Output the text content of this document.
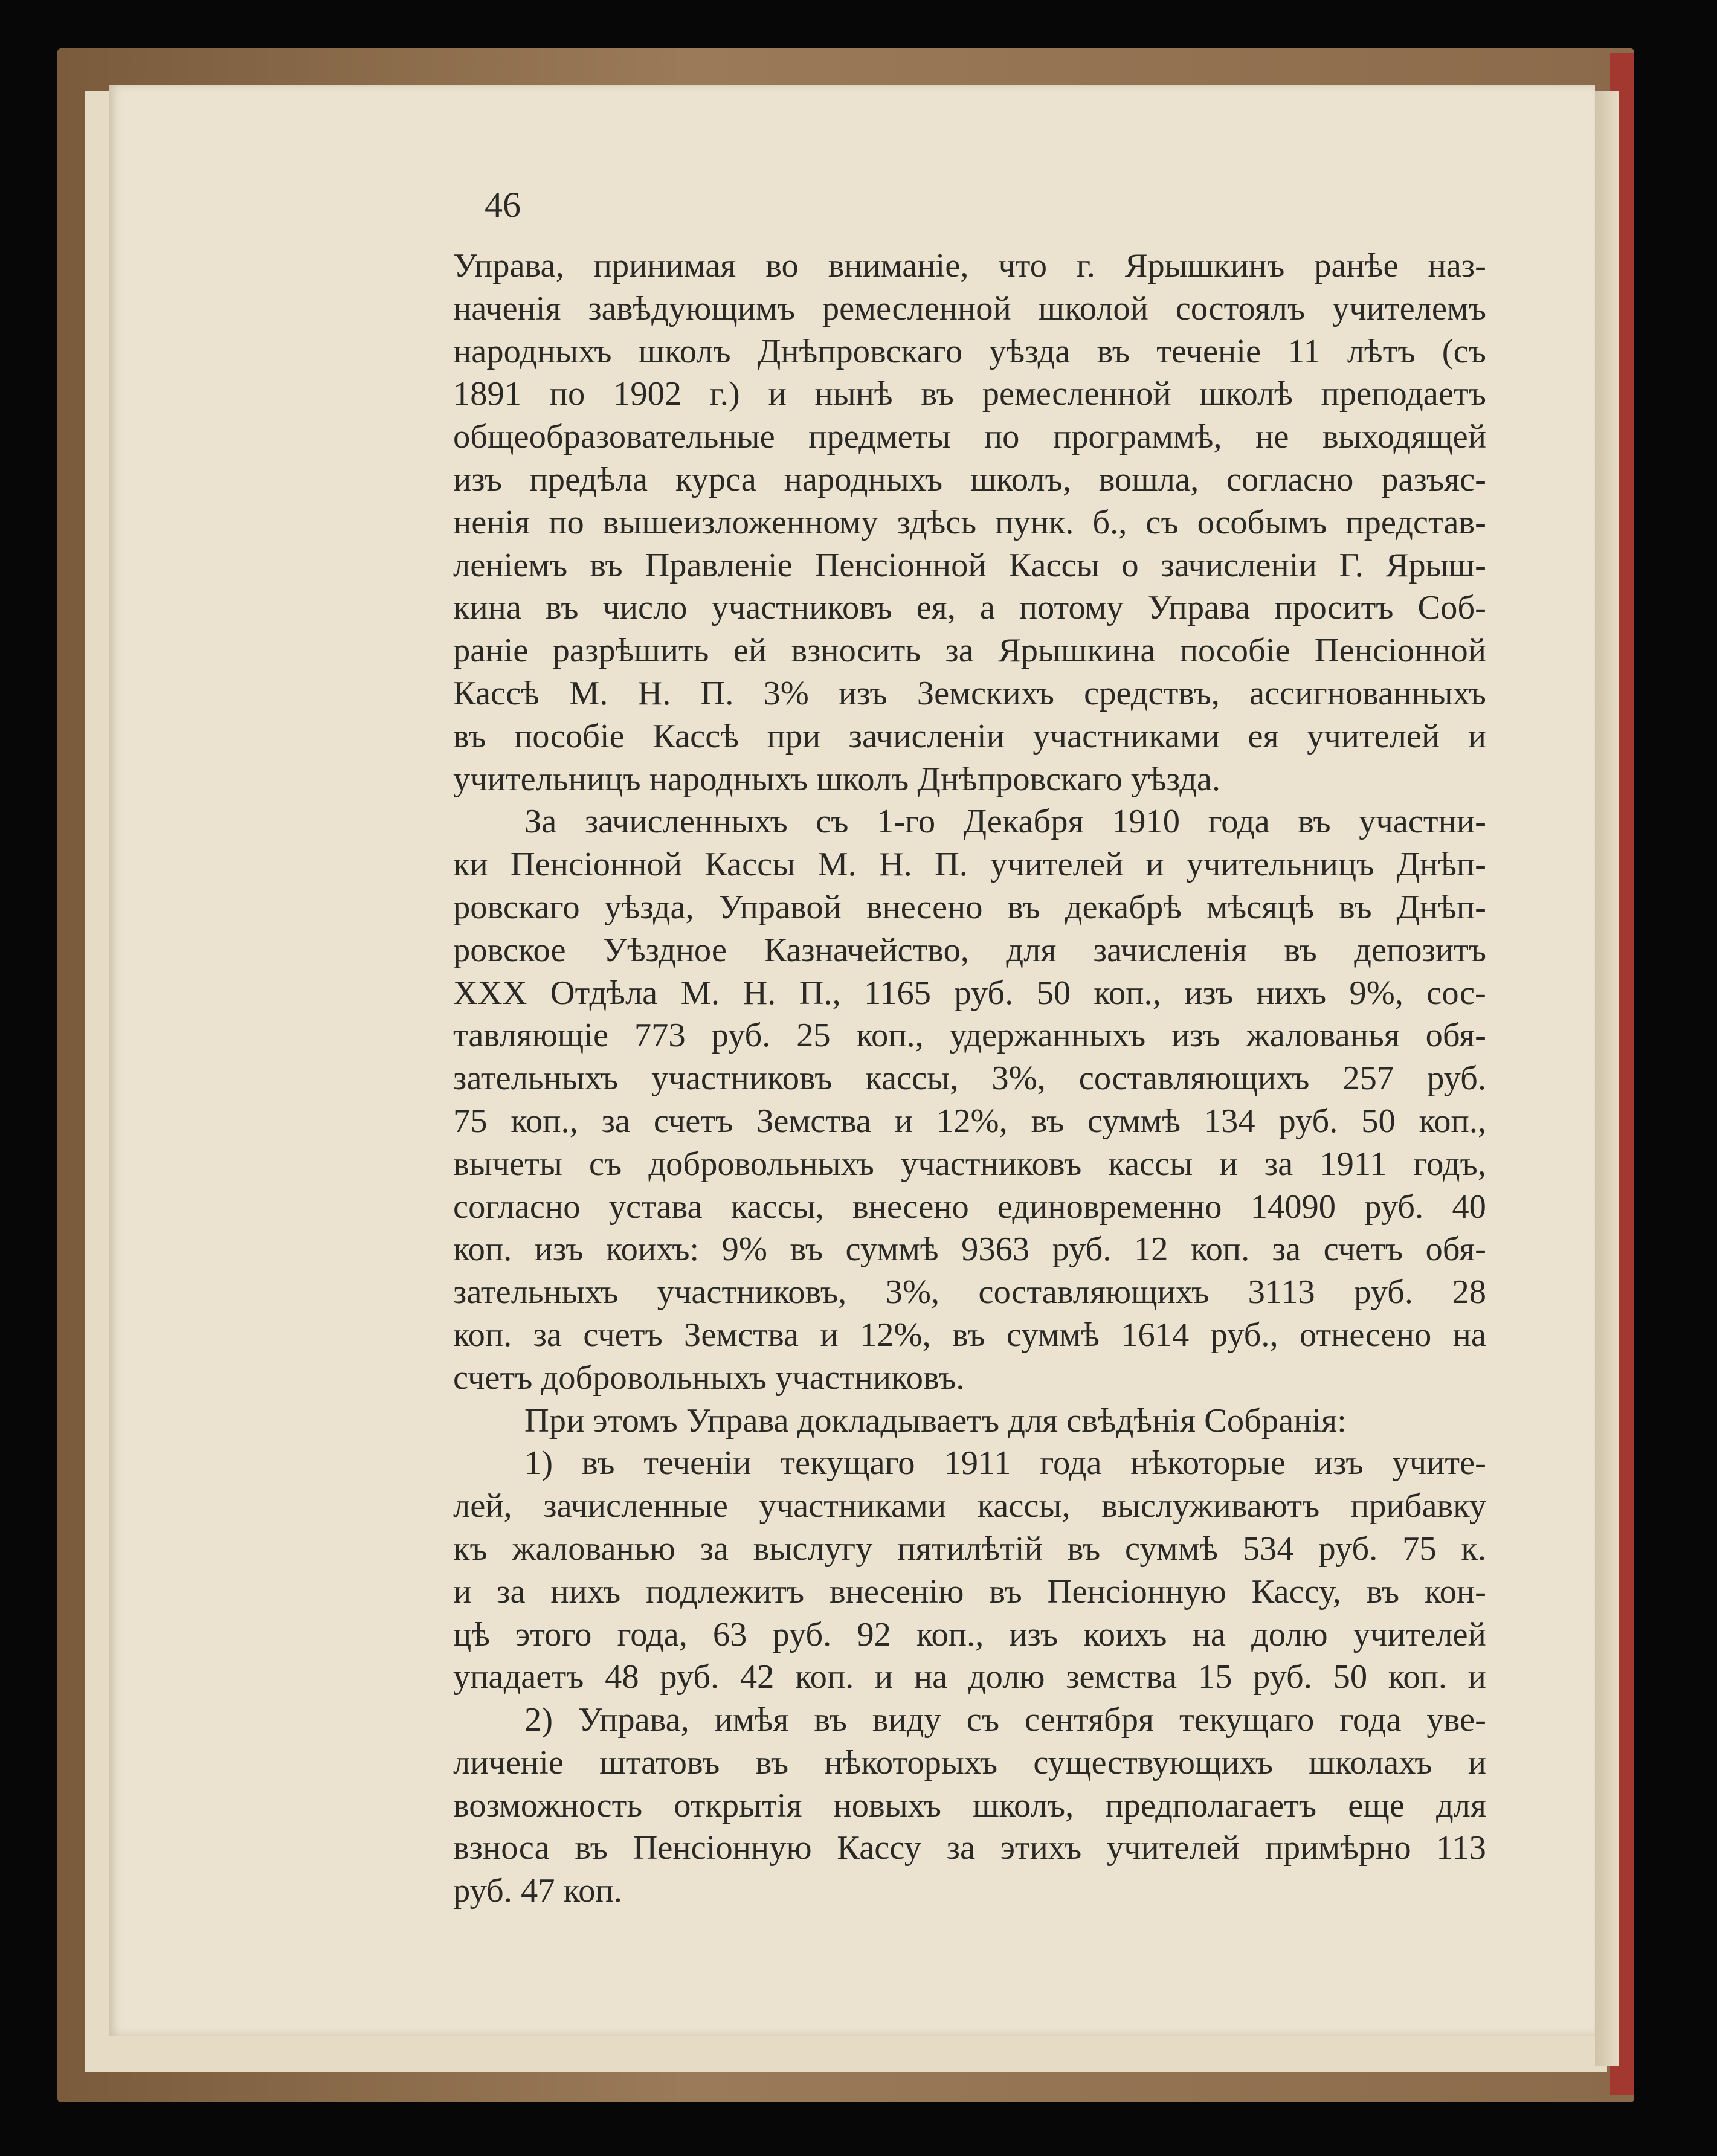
46
Управа, принимая во вниманіе, что г. Ярышкинъ ранѣе наз-
наченія завѣдующимъ ремесленной школой состоялъ учителемъ
народныхъ школъ Днѣпровскаго уѣзда въ теченіе 11 лѣтъ (съ
1891 по 1902 г.) и нынѣ въ ремесленной школѣ преподаетъ
общеобразовательные предметы по программѣ, не выходящей
изъ предѣла курса народныхъ школъ, вошла, согласно разъяс-
ненія по вышеизложенному здѣсь пунк. б., съ особымъ представ-
леніемъ въ Правленіе Пенсіонной Кассы о зачисленіи Г. Ярыш-
кина въ число участниковъ ея, а потому Управа проситъ Соб-
раніе разрѣшить ей взносить за Ярышкина пособіе Пенсіонной
Кассѣ М. Н. П. 3% изъ Земскихъ средствъ, ассигнованныхъ
въ пособіе Кассѣ при зачисленіи участниками ея учителей и
учительницъ народныхъ школъ Днѣпровскаго уѣзда.
За зачисленныхъ съ 1-го Декабря 1910 года въ участни-
ки Пенсіонной Кассы М. Н. П. учителей и учительницъ Днѣп-
ровскаго уѣзда, Управой внесено въ декабрѣ мѣсяцѣ въ Днѣп-
ровское Уѣздное Казначейство, для зачисленія въ депозитъ
XXX Отдѣла М. Н. П., 1165 руб. 50 коп., изъ нихъ 9%, сос-
тавляющіе 773 руб. 25 коп., удержанныхъ изъ жалованья обя-
зательныхъ участниковъ кассы, 3%, составляющихъ 257 руб.
75 коп., за счетъ Земства и 12%, въ суммѣ 134 руб. 50 коп.,
вычеты съ добровольныхъ участниковъ кассы и за 1911 годъ,
согласно устава кассы, внесено единовременно 14090 руб. 40
коп. изъ коихъ: 9% въ суммѣ 9363 руб. 12 коп. за счетъ обя-
зательныхъ участниковъ, 3%, составляющихъ 3113 руб. 28
коп. за счетъ Земства и 12%, въ суммѣ 1614 руб., отнесено на
счетъ добровольныхъ участниковъ.
При этомъ Управа докладываетъ для свѣдѣнія Собранія:
1) въ теченіи текущаго 1911 года нѣкоторые изъ учите-
лей, зачисленные участниками кассы, выслуживаютъ прибавку
къ жалованью за выслугу пятилѣтій въ суммѣ 534 руб. 75 к.
и за нихъ подлежитъ внесенію въ Пенсіонную Кассу, въ кон-
цѣ этого года, 63 руб. 92 коп., изъ коихъ на долю учителей
упадаетъ 48 руб. 42 коп. и на долю земства 15 руб. 50 коп. и
2) Управа, имѣя въ виду съ сентября текущаго года уве-
личеніе штатовъ въ нѣкоторыхъ существующихъ школахъ и
возможность открытія новыхъ школъ, предполагаетъ еще для
взноса въ Пенсіонную Кассу за этихъ учителей примѣрно 113
руб. 47 коп.
